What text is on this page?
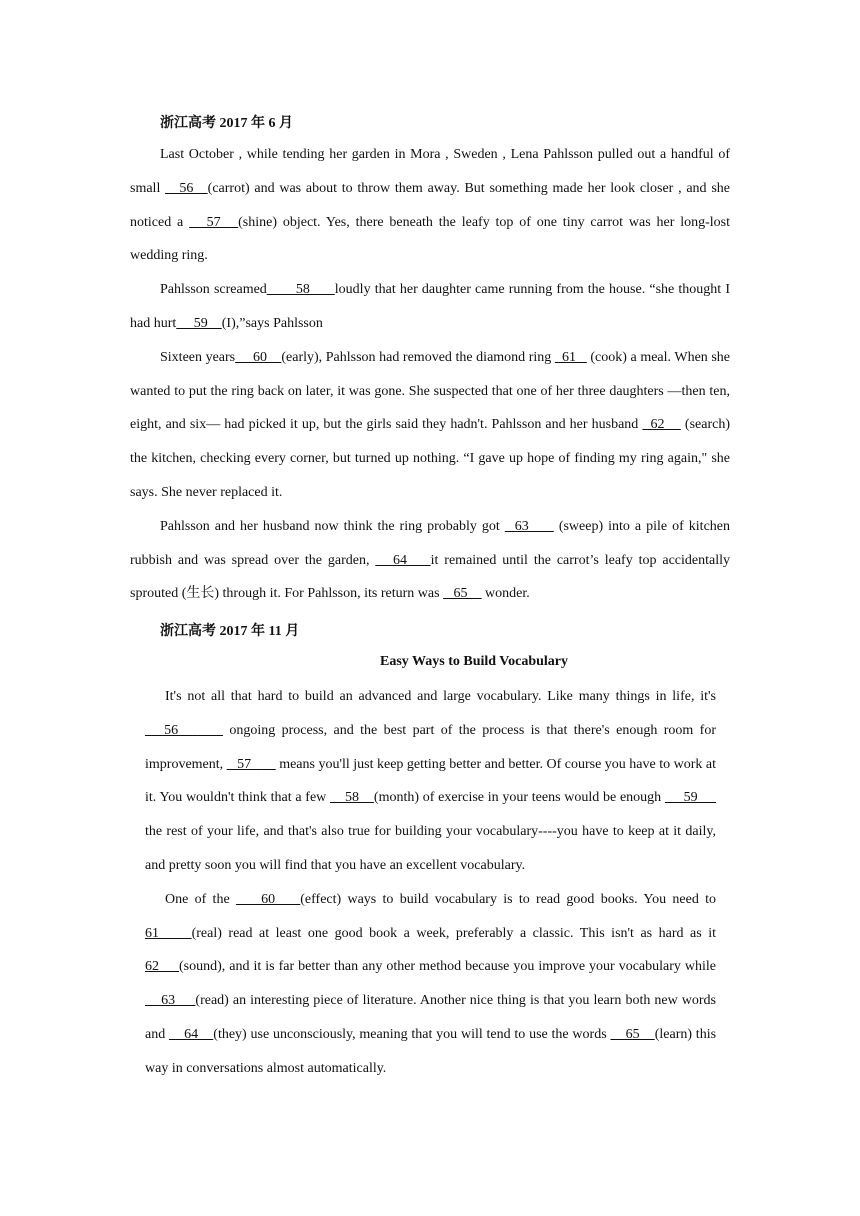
浙江高考 2017 年 6 月

Last October , while tending her garden in Mora , Sweden , Lena Pahlsson pulled out a handful of small    56   (carrot) and was about to throw them away. But something made her look closer , and she noticed a    57   (shine) object. Yes, there beneath the leafy top of one tiny carrot was her long-lost wedding ring.

Pahlsson screamed       58      loudly that her daughter came running from the house. “she thought I had hurt     59    (I),”says Pahlsson

Sixteen years     60    (early), Pahlsson had removed the diamond ring   61    (cook) a meal. When she wanted to put the ring back on later, it was gone. She suspected that one of her three daughters —then ten, eight, and six— had picked it up, but the girls said they hadn't. Pahlsson and her husband   62     (search) the kitchen, checking every corner, but turned up nothing. “I gave up hope of finding my ring again," she says. She never replaced it.

Pahlsson and her husband now think the ring probably got   63      (sweep) into a pile of kitchen rubbish and was spread over the garden,    64    it remained until the carrot’s leafy top accidentally sprouted (生长) through it. For Pahlsson, its return was    65     wonder.

浙江高考 2017 年 11 月
Easy Ways to Build Vocabulary

It's not all that hard to build an advanced and large vocabulary. Like many things in life, it's    56        ongoing process, and the best part of the process is that there's enough room for improvement,    57        means you'll just keep getting better and better. Of course you have to work at it. You wouldn't think that a few     58    (month) of exercise in your teens would be enough      59      the rest of your life, and that's also true for building your vocabulary----you have to keep at it daily, and pretty soon you will find that you have an excellent vocabulary.

One of the     60    (effect) ways to build vocabulary is to read good books. You need to 61     (real) read at least one good book a week, preferably a classic. This isn't as hard as it 62     (sound), and it is far better than any other method because you improve your vocabulary while     63     (read) an interesting piece of literature. Another nice thing is that you learn both new words and     64    (they) use unconsciously, meaning that you will tend to use the words     65    (learn) this way in conversations almost automatically.
